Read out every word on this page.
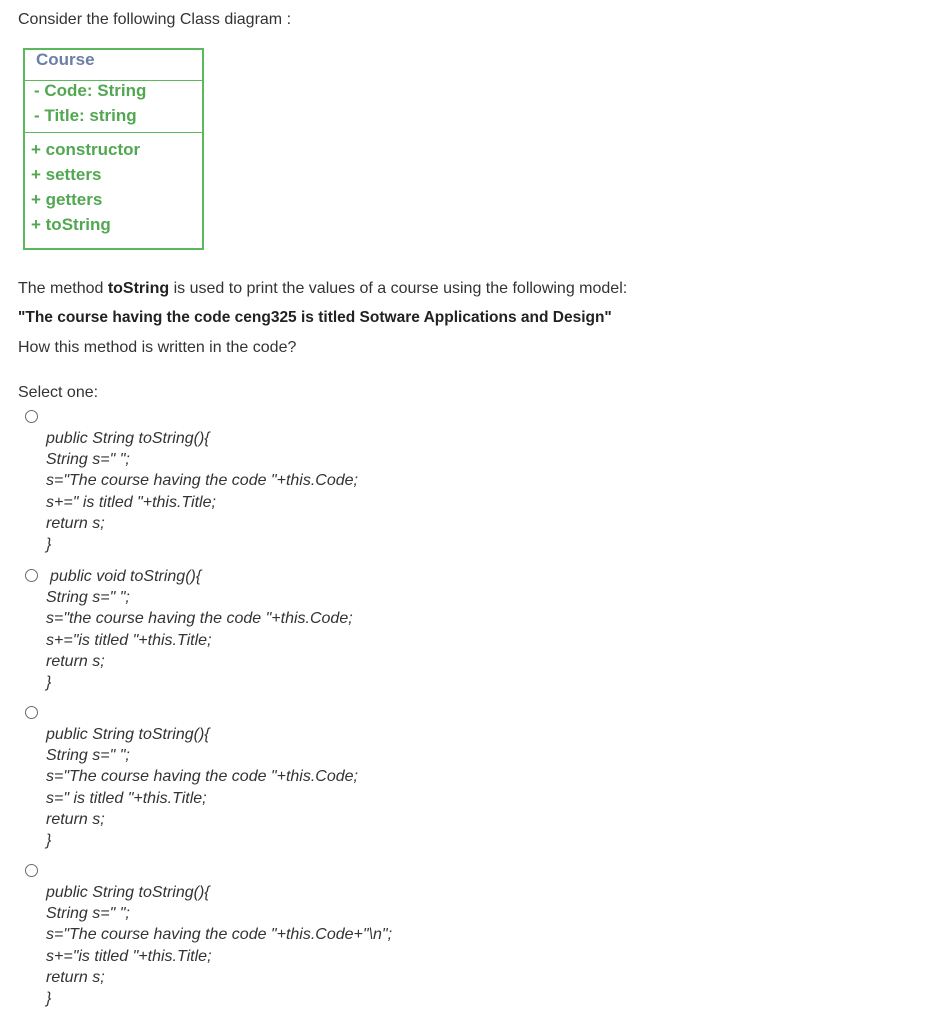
Consider the following Class diagram :
Course
- Code: String
- Title: string
+ constructor
+ setters
+ getters
+ toString
The method toString is used to print the values of a course using the following model:
"The course having the code ceng325 is titled Sotware Applications and Design"
How this method is written in the code?
Select one:
public String toString(){
String s=" ";
s="The course having the code "+this.Code;
s+=" is titled "+this.Title;
return s;
}
public void toString(){
String s=" ";
s="the course having the code "+this.Code;
s+="is titled "+this.Title;
return s;
}
public String toString(){
String s=" ";
s="The course having the code "+this.Code;
s=" is titled "+this.Title;
return s;
}
public String toString(){
String s=" ";
s="The course having the code "+this.Code+"\n";
s+="is titled "+this.Title;
return s;
}
